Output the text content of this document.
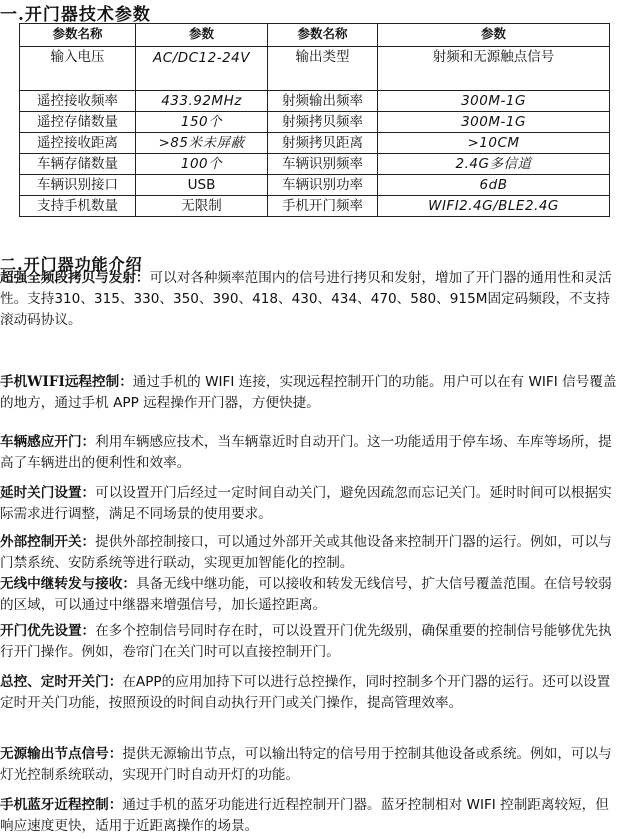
一.开门器技术参数
参数名称	参数	参数名称	参数
输入电压	AC/DC12-24V	输出类型	射频和无源触点信号
遥控接收频率	433.92MHz	射频输出频率	300M-1G
遥控存储数量	150个	射频拷贝频率	300M-1G
遥控接收距离	>85米未屏蔽	射频拷贝距离	>10CM
车辆存储数量	100个	车辆识别频率	2.4G多信道
车辆识别接口	USB	车辆识别功率	6dB
支持手机数量	无限制	手机开门频率	WIFI2.4G/BLE2.4G
二.开门器功能介绍
超强全频段拷贝与发射：可以对各种频率范围内的信号进行拷贝和发射，增加了开门器的通用性和灵活性。支持310、315、330、350、390、418、430、434、470、580、915M固定码频段，不支持滚动码协议。
手机WIFI远程控制：通过手机的 WIFI 连接，实现远程控制开门的功能。用户可以在有 WIFI 信号覆盖的地方，通过手机 APP 远程操作开门器，方便快捷。
车辆感应开门：利用车辆感应技术，当车辆靠近时自动开门。这一功能适用于停车场、车库等场所，提高了车辆进出的便利性和效率。
延时关门设置：可以设置开门后经过一定时间自动关门，避免因疏忽而忘记关门。延时时间可以根据实际需求进行调整，满足不同场景的使用要求。
外部控制开关：提供外部控制接口，可以通过外部开关或其他设备来控制开门器的运行。例如，可以与门禁系统、安防系统等进行联动，实现更加智能化的控制。
无线中继转发与接收：具备无线中继功能，可以接收和转发无线信号，扩大信号覆盖范围。在信号较弱的区域，可以通过中继器来增强信号，加长遥控距离。
开门优先设置：在多个控制信号同时存在时，可以设置开门优先级别，确保重要的控制信号能够优先执行开门操作。例如，卷帘门在关门时可以直接控制开门。
总控、定时开关门：在APP的应用加持下可以进行总控操作，同时控制多个开门器的运行。还可以设置定时开关门功能，按照预设的时间自动执行开门或关门操作，提高管理效率。
无源输出节点信号：提供无源输出节点，可以输出特定的信号用于控制其他设备或系统。例如，可以与灯光控制系统联动，实现开门时自动开灯的功能。
手机蓝牙近程控制：通过手机的蓝牙功能进行近程控制开门器。蓝牙控制相对 WIFI 控制距离较短，但响应速度更快，适用于近距离操作的场景。
